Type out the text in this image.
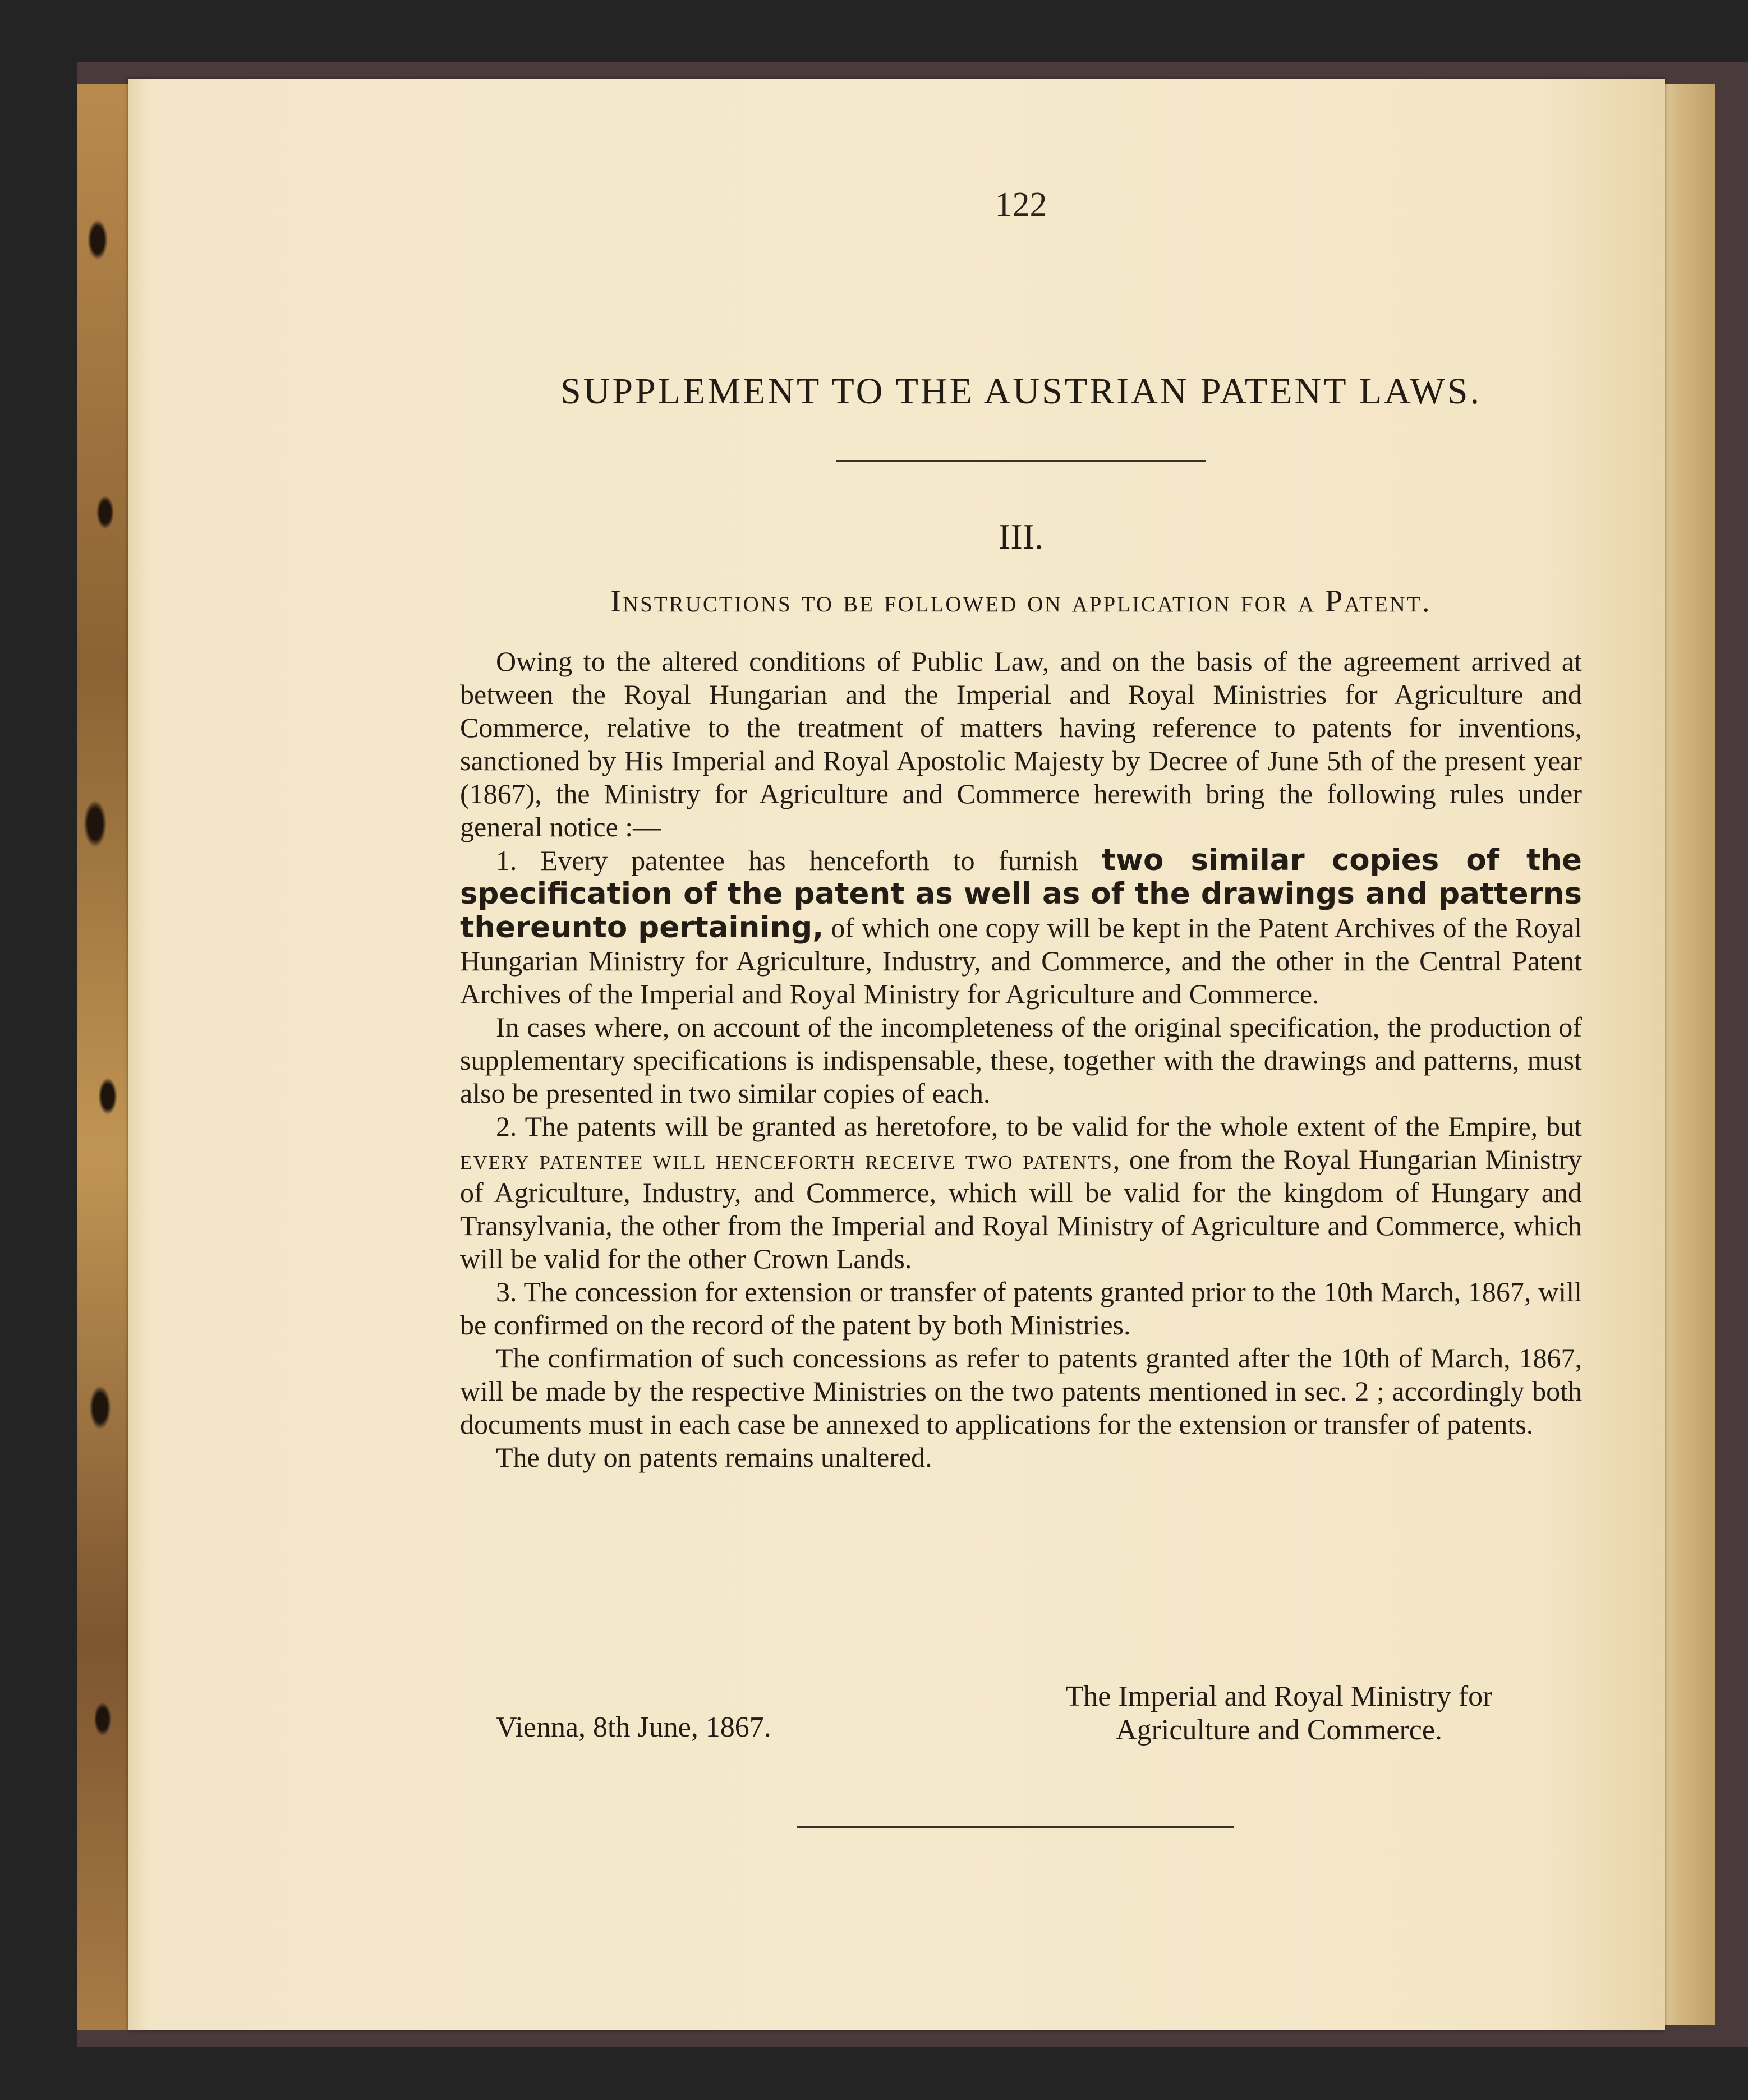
122
SUPPLEMENT TO THE AUSTRIAN PATENT LAWS.
III.
Instructions to be followed on application for a Patent.

Owing to the altered conditions of Public Law, and on the basis of the agreement arrived at between the Royal Hungarian and the Imperial and Royal Ministries for Agriculture and Commerce, relative to the treatment of matters having reference to patents for inventions, sanctioned by His Imperial and Royal Apostolic Majesty by Decree of June 5th of the present year (1867), the Ministry for Agriculture and Commerce herewith bring the following rules under general notice :—

1. Every patentee has henceforth to furnish two similar copies of the specification of the patent as well as of the drawings and patterns thereunto pertaining, of which one copy will be kept in the Patent Archives of the Royal Hungarian Ministry for Agriculture, Industry, and Commerce, and the other in the Central Patent Archives of the Imperial and Royal Ministry for Agriculture and Commerce.

In cases where, on account of the incompleteness of the original specification, the production of supplementary specifications is indispensable, these, together with the drawings and patterns, must also be presented in two similar copies of each.

2. The patents will be granted as heretofore, to be valid for the whole extent of the Empire, but every patentee will henceforth receive two patents, one from the Royal Hungarian Ministry of Agriculture, Industry, and Commerce, which will be valid for the kingdom of Hungary and Transylvania, the other from the Imperial and Royal Ministry of Agriculture and Commerce, which will be valid for the other Crown Lands.

3. The concession for extension or transfer of patents granted prior to the 10th March, 1867, will be confirmed on the record of the patent by both Ministries.

The confirmation of such concessions as refer to patents granted after the 10th of March, 1867, will be made by the respective Ministries on the two patents mentioned in sec. 2 ; accordingly both documents must in each case be annexed to applications for the extension or transfer of patents.

The duty on patents remains unaltered.

Vienna, 8th June, 1867.
The Imperial and Royal Ministry for
Agriculture and Commerce.
